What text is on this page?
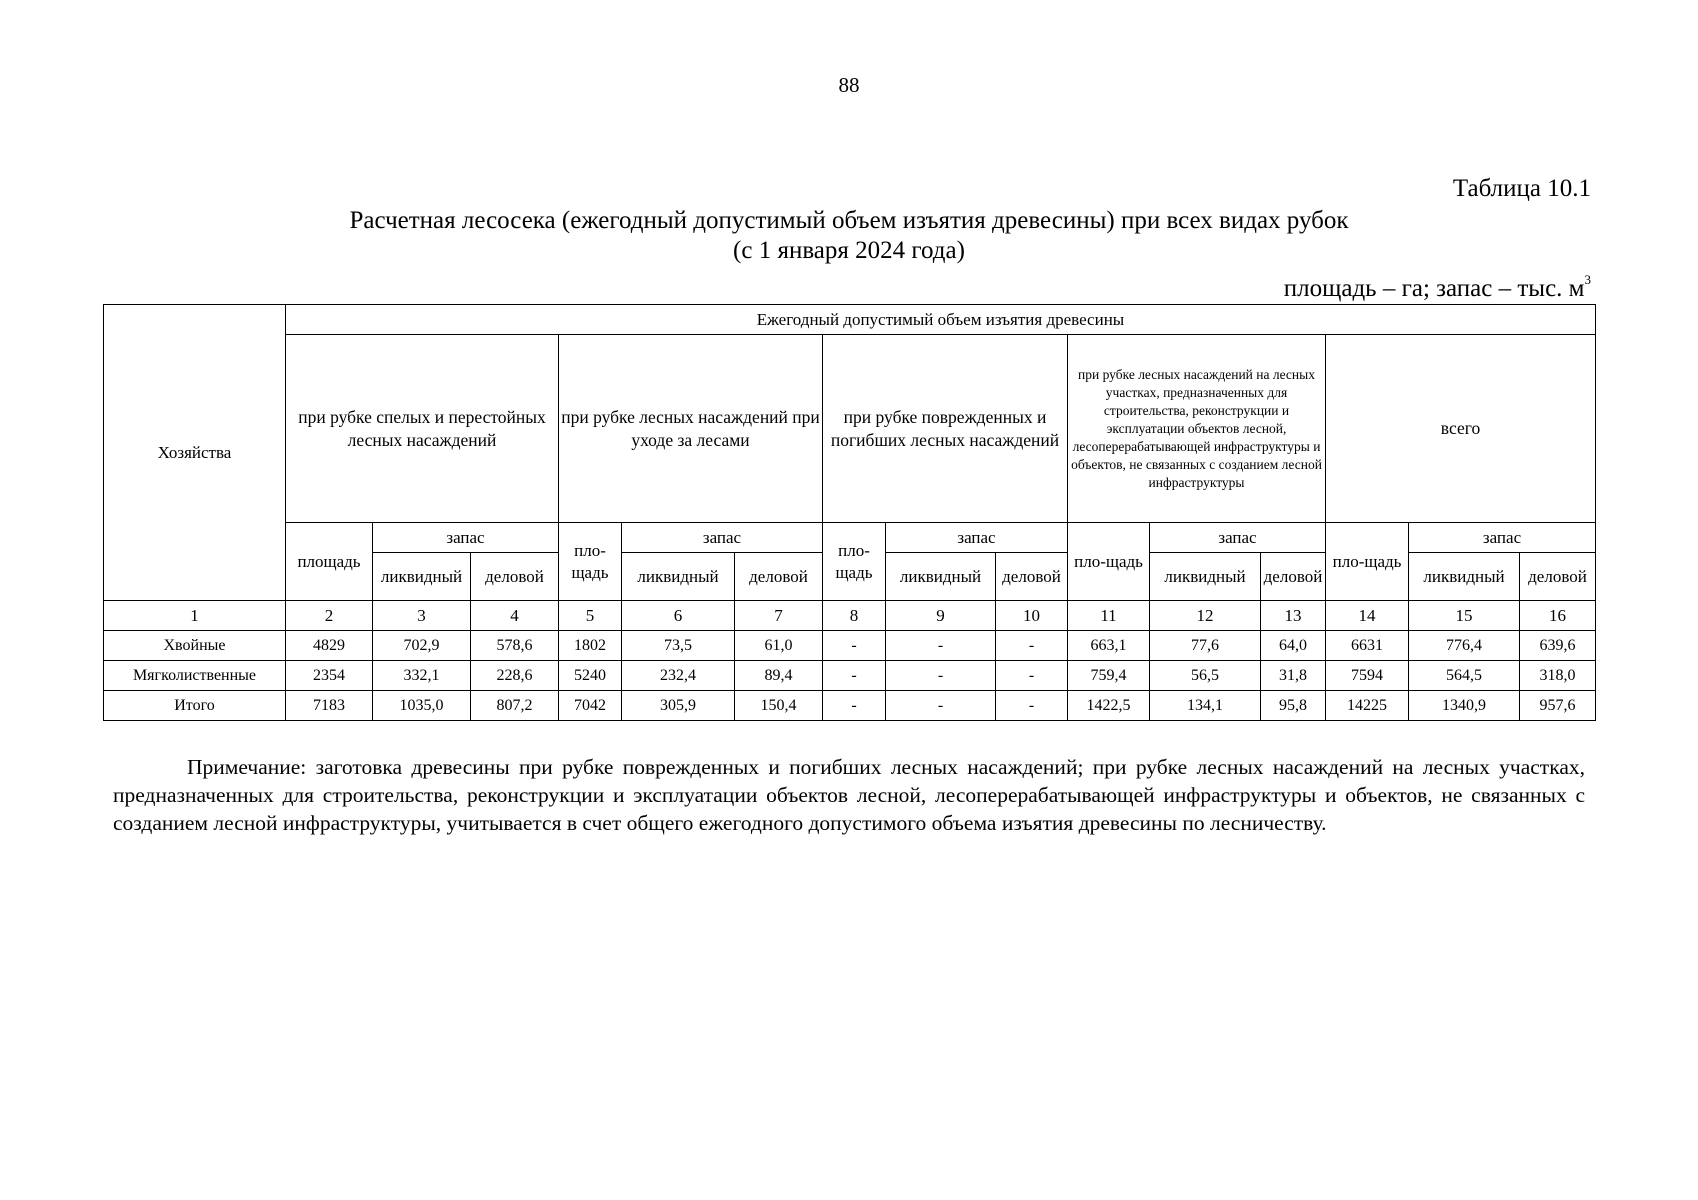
88
Таблица 10.1
Расчетная лесосека (ежегодный допустимый объем изъятия древесины) при всех видах рубок
(с 1 января 2024 года)
площадь – га; запас – тыс. $м^3$
Хозяйства	Ежегодный допустимый объем изъятия древесины														
	при рубке спелых и перестойных лесных насаждений			при рубке лесных насаждений при уходе за лесами			при рубке поврежденных и погибших лесных насаждений			при рубке лесных насаждений на лесных участках, предназначенных для строительства, реконструкции и эксплуатации объектов лесной, лесоперерабатывающей инфраструктуры и объектов, не связанных с созданием лесной инфраструктуры			всего		
	площадь	запас		пло-щадь	запас		пло-щадь	запас		пло-щадь	запас		пло-щадь	запас	
		ликвидный	деловой		ликвидный	деловой		ликвидный	деловой		ликвидный	деловой		ликвидный	деловой
1	2	3	4	5	6	7	8	9	10	11	12	13	14	15	16
Хвойные	4829	702,9	578,6	1802	73,5	61,0	-	-	-	663,1	77,6	64,0	6631	776,4	639,6
Мягколиственные	2354	332,1	228,6	5240	232,4	89,4	-	-	-	759,4	56,5	31,8	7594	564,5	318,0
Итого	7183	1035,0	807,2	7042	305,9	150,4	-	-	-	1422,5	134,1	95,8	14225	1340,9	957,6
Примечание: заготовка древесины при рубке поврежденных и погибших лесных насаждений; при рубке лесных насаждений на лесных участках, предназначенных для строительства, реконструкции и эксплуатации объектов лесной, лесоперерабатывающей инфраструктуры и объектов, не связанных с созданием лесной инфраструктуры, учитывается в счет общего ежегодного допустимого объема изъятия древесины по лесничеству.
